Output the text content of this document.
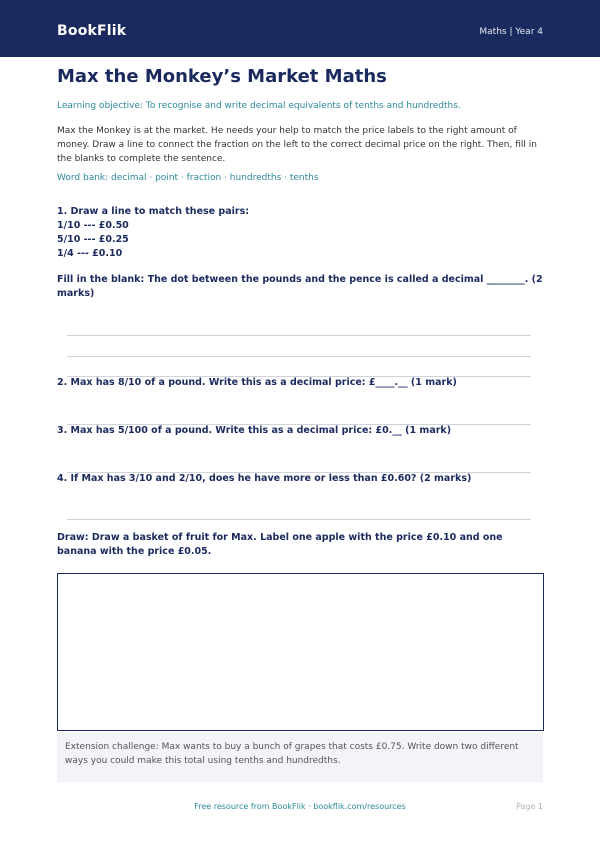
BookFlik	Maths | Year 4
Max the Monkey’s Market Maths
Learning objective: To recognise and write decimal equivalents of tenths and hundredths.
Max the Monkey is at the market. He needs your help to match the price labels to the right amount of money. Draw a line to connect the fraction on the left to the correct decimal price on the right. Then, fill in the blanks to complete the sentence.
Word bank: decimal · point · fraction · hundredths · tenths
1. Draw a line to match these pairs:
1/10 --- £0.50
5/10 --- £0.25
1/4 --- £0.10
Fill in the blank: The dot between the pounds and the pence is called a decimal ________. (2 marks)
2. Max has 8/10 of a pound. Write this as a decimal price: £____.__ (1 mark)
3. Max has 5/100 of a pound. Write this as a decimal price: £0.__ (1 mark)
4. If Max has 3/10 and 2/10, does he have more or less than £0.60? (2 marks)
Draw: Draw a basket of fruit for Max. Label one apple with the price £0.10 and one banana with the price £0.05.
Extension challenge: Max wants to buy a bunch of grapes that costs £0.75. Write down two different ways you could make this total using tenths and hundredths.
Free resource from BookFlik · bookflik.com/resources	Page 1
